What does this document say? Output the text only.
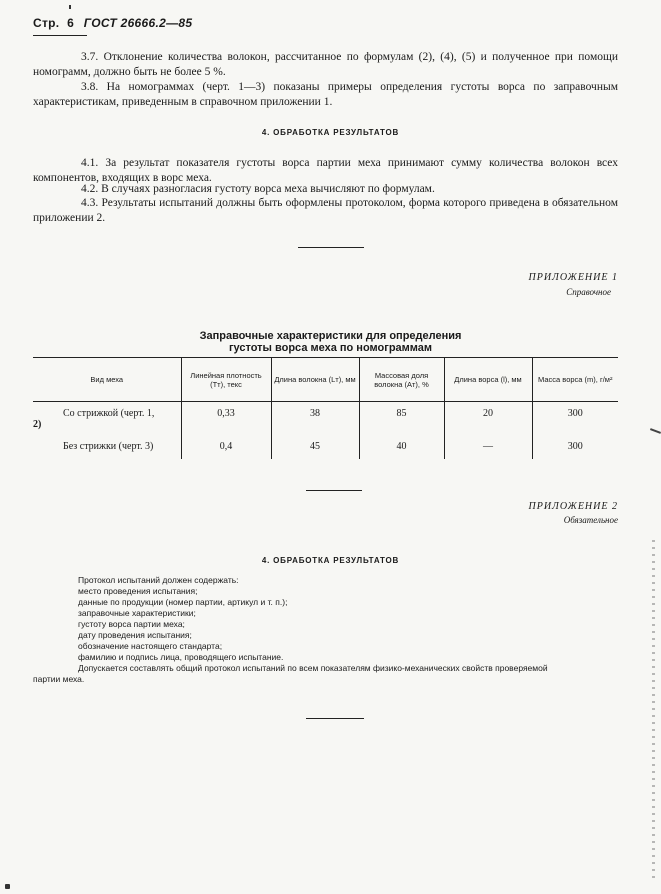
Стр. 6 ГОСТ 26666.2—85
3.7. Отклонение количества волокон, рассчитанное по формулам (2), (4), (5) и полученное при помощи номограмм, должно быть не более 5 %.
3.8. На номограммах (черт. 1—3) показаны примеры определения густоты ворса по заправочным характеристикам, приведенным в справочном приложении 1.
4. ОБРАБОТКА РЕЗУЛЬТАТОВ
4.1. За результат показателя густоты ворса партии меха принимают сумму количества волокон всех компонентов, входящих в ворс меха.
4.2. В случаях разногласия густоту ворса меха вычисляют по формулам.
4.3. Результаты испытаний должны быть оформлены протоколом, форма которого приведена в обязательном приложении 2.
ПРИЛОЖЕНИЕ 1
Справочное
Заправочные характеристики для определения
густоты ворса меха по номограммам
Вид меха	Линейная плотность (Tт), текс	Длина волокна (Lт), мм	Массовая доля волокна (Aт), %	Длина ворса (l), мм	Масса ворса (m), г/м²

Со стрижкой (черт. 1,
2)	0,33	38	85	20	300
Без стрижки (черт. 3)	0,4	45	40	—	300
ПРИЛОЖЕНИЕ 2
Обязательное
4. ОБРАБОТКА РЕЗУЛЬТАТОВ
Протокол испытаний должен содержать:
место проведения испытания;
данные по продукции (номер партии, артикул и т. п.);
заправочные характеристики;
густоту ворса партии меха;
дату проведения испытания;
обозначение настоящего стандарта;
фамилию и подпись лица, проводящего испытание.
Допускается составлять общий протокол испытаний по всем показателям физико-механических свойств проверяемой
партии меха.
